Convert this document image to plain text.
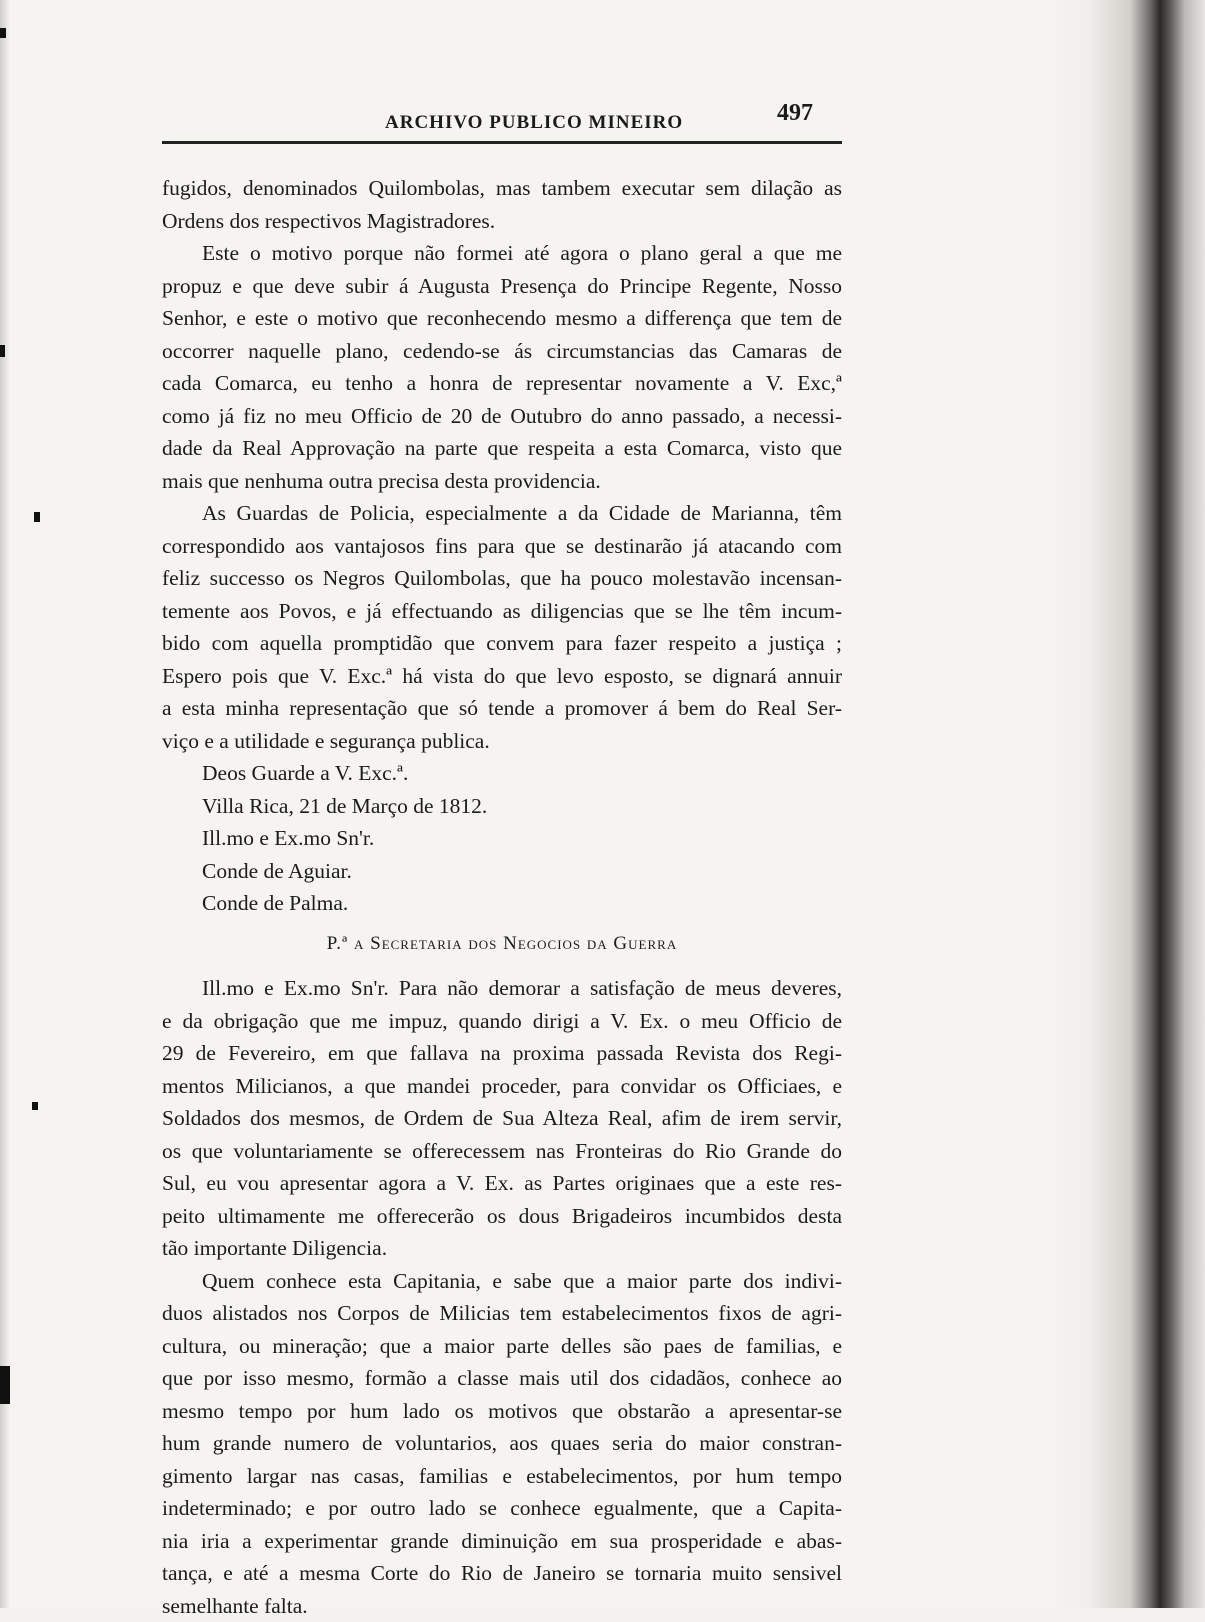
ARCHIVO PUBLICO MINEIRO	497
fugidos, denominados Quilombolas, mas tambem executar sem dilação as
Ordens dos respectivos Magistradores.
Este o motivo porque não formei até agora o plano geral a que me
propuz e que deve subir á Augusta Presença do Principe Regente, Nosso
Senhor, e este o motivo que reconhecendo mesmo a differença que tem de
occorrer naquelle plano, cedendo-se ás circumstancias das Camaras de
cada Comarca, eu tenho a honra de representar novamente a V. Exc,ª
como já fiz no meu Officio de 20 de Outubro do anno passado, a necessi-
dade da Real Approvação na parte que respeita a esta Comarca, visto que
mais que nenhuma outra precisa desta providencia.
As Guardas de Policia, especialmente a da Cidade de Marianna, têm
correspondido aos vantajosos fins para que se destinarão já atacando com
feliz successo os Negros Quilombolas, que ha pouco molestavão incensan-
temente aos Povos, e já effectuando as diligencias que se lhe têm incum-
bido com aquella promptidão que convem para fazer respeito a justiça ;
Espero pois que V. Exc.ª há vista do que levo esposto, se dignará annuir
a esta minha representação que só tende a promover á bem do Real Ser-
viço e a utilidade e segurança publica.
Deos Guarde a V. Exc.ª.
Villa Rica, 21 de Março de 1812.
Ill.mo e Ex.mo Sn'r.
Conde de Aguiar.
Conde de Palma.
P.ª a Secretaria dos Negocios da Guerra
Ill.mo e Ex.mo Sn'r. Para não demorar a satisfação de meus deveres,
e da obrigação que me impuz, quando dirigi a V. Ex. o meu Officio de
29 de Fevereiro, em que fallava na proxima passada Revista dos Regi-
mentos Milicianos, a que mandei proceder, para convidar os Officiaes, e
Soldados dos mesmos, de Ordem de Sua Alteza Real, afim de irem servir,
os que voluntariamente se offerecessem nas Fronteiras do Rio Grande do
Sul, eu vou apresentar agora a V. Ex. as Partes originaes que a este res-
peito ultimamente me offerecerão os dous Brigadeiros incumbidos desta
tão importante Diligencia.
Quem conhece esta Capitania, e sabe que a maior parte dos indivi-
duos alistados nos Corpos de Milicias tem estabelecimentos fixos de agri-
cultura, ou mineração; que a maior parte delles são paes de familias, e
que por isso mesmo, formão a classe mais util dos cidadãos, conhece ao
mesmo tempo por hum lado os motivos que obstarão a apresentar-se
hum grande numero de voluntarios, aos quaes seria do maior constran-
gimento largar nas casas, familias e estabelecimentos, por hum tempo
indeterminado; e por outro lado se conhece egualmente, que a Capita-
nia iria a experimentar grande diminuição em sua prosperidade e abas-
tança, e até a mesma Corte do Rio de Janeiro se tornaria muito sensivel
semelhante falta.
